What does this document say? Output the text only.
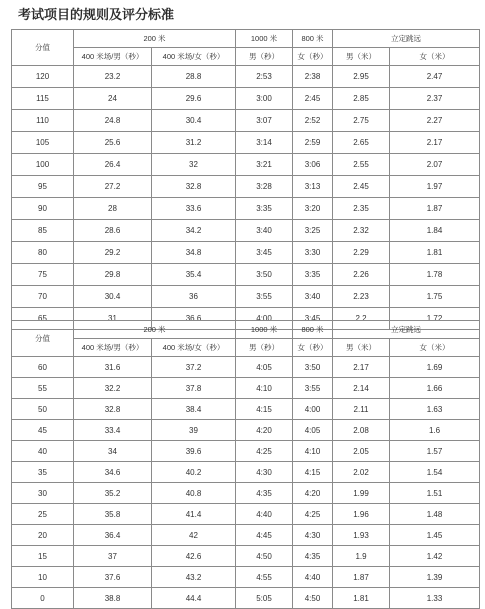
考试项目的规则及评分标准
分值	200 米		1000 米	800 米	立定跳远	
	400 米场/男（秒）	400 米场/女（秒）	男（秒）	女（秒）	男（米）	女（米）
120	23.2	28.8	2:53	2:38	2.95	2.47
115	24	29.6	3:00	2:45	2.85	2.37
110	24.8	30.4	3:07	2:52	2.75	2.27
105	25.6	31.2	3:14	2:59	2.65	2.17
100	26.4	32	3:21	3:06	2.55	2.07
95	27.2	32.8	3:28	3:13	2.45	1.97
90	28	33.6	3:35	3:20	2.35	1.87
85	28.6	34.2	3:40	3:25	2.32	1.84
80	29.2	34.8	3:45	3:30	2.29	1.81
75	29.8	35.4	3:50	3:35	2.26	1.78
70	30.4	36	3:55	3:40	2.23	1.75
65	31	36.6	4:00	3:45	2.2	1.72
分值	200 米		1000 米	800 米	立定跳远	
	400 米场/男（秒）	400 米场/女（秒）	男（秒）	女（秒）	男（米）	女（米）
60	31.6	37.2	4:05	3:50	2.17	1.69
55	32.2	37.8	4:10	3:55	2.14	1.66
50	32.8	38.4	4:15	4:00	2.11	1.63
45	33.4	39	4:20	4:05	2.08	1.6
40	34	39.6	4:25	4:10	2.05	1.57
35	34.6	40.2	4:30	4:15	2.02	1.54
30	35.2	40.8	4:35	4:20	1.99	1.51
25	35.8	41.4	4:40	4:25	1.96	1.48
20	36.4	42	4:45	4:30	1.93	1.45
15	37	42.6	4:50	4:35	1.9	1.42
10	37.6	43.2	4:55	4:40	1.87	1.39
0	38.8	44.4	5:05	4:50	1.81	1.33
